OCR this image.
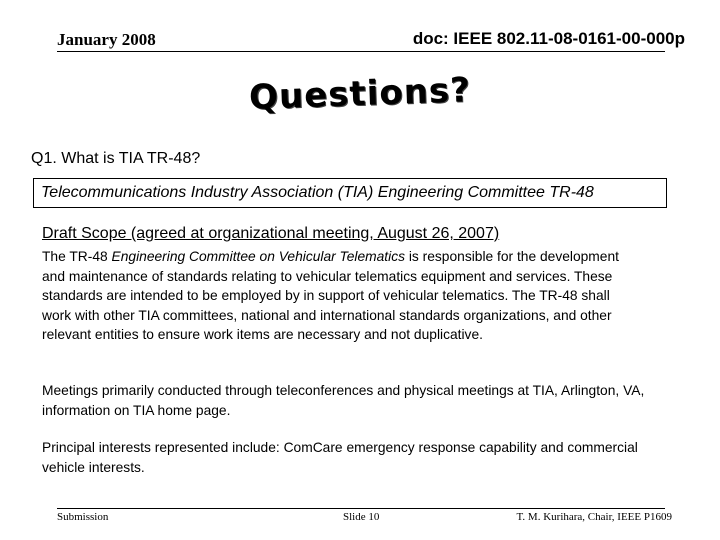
January 2008	doc: IEEE 802.11-08-0161-00-000p
Questions?
Q1. What is TIA TR-48?
Telecommunications Industry Association (TIA) Engineering Committee TR-48
Draft Scope (agreed at organizational meeting, August 26, 2007)
The TR-48 Engineering Committee on Vehicular Telematics is responsible for the development and maintenance of standards relating to vehicular telematics equipment and services. These standards are intended to be employed by in support of vehicular telematics. The TR-48 shall work with other TIA committees, national and international standards organizations, and other relevant entities to ensure work items are necessary and not duplicative.
Meetings primarily conducted through teleconferences and physical meetings at TIA, Arlington, VA, information on TIA home page.
Principal interests represented include: ComCare emergency response capability and commercial vehicle interests.
Submission	Slide 10	T. M. Kurihara, Chair, IEEE P1609
